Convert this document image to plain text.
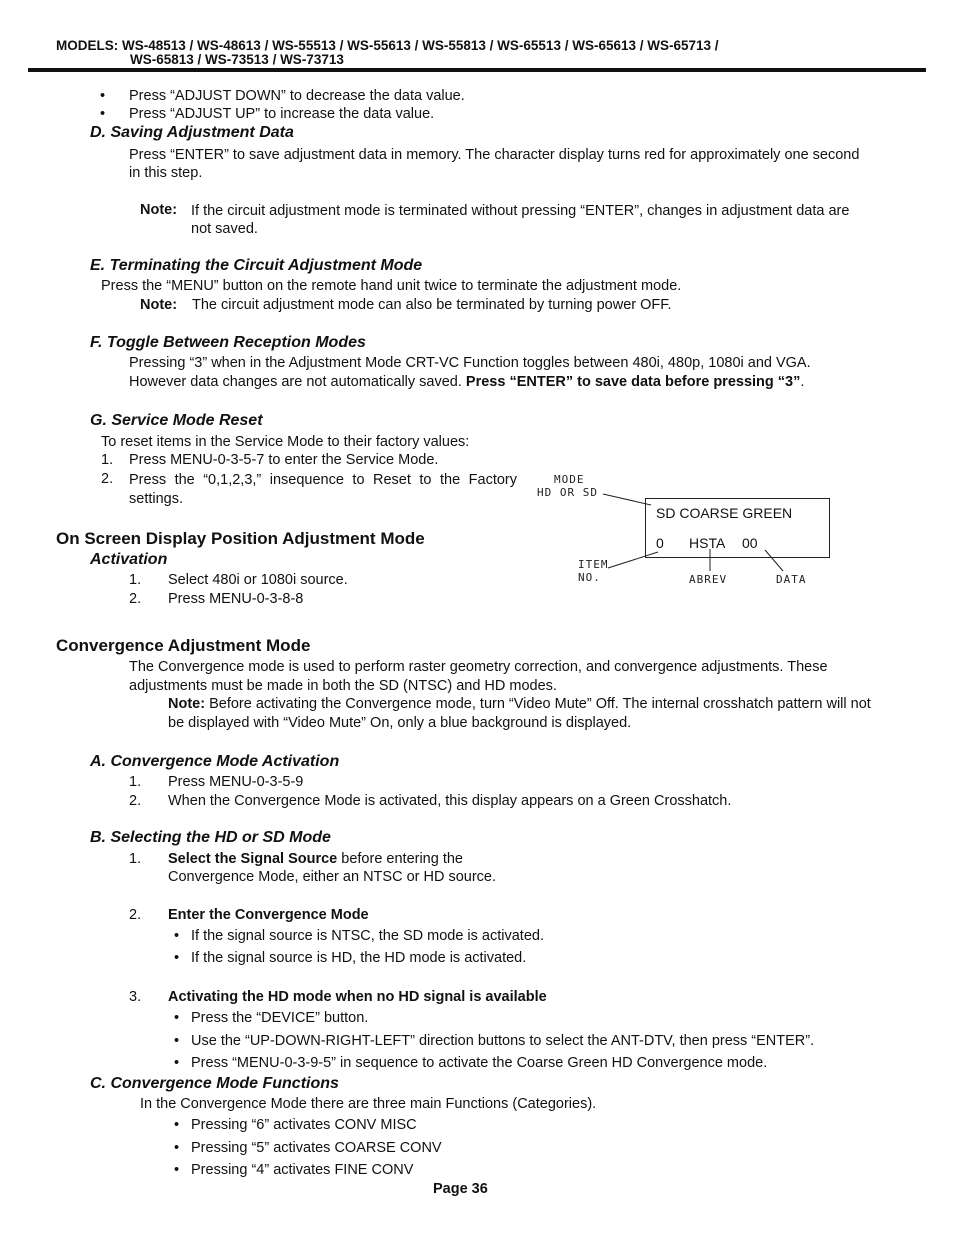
MODELS: WS-48513 / WS-48613 / WS-55513 / WS-55613 / WS-55813 / WS-65513 / WS-65613 / WS-65713 /
WS-65813 / WS-73513 / WS-73713
• Press “ADJUST DOWN” to decrease the data value.
• Press “ADJUST UP” to increase the data value.
D. Saving Adjustment Data
Press “ENTER” to save adjustment data in memory. The character display turns red for approximately one second in this step.
Note: If the circuit adjustment mode is terminated without pressing “ENTER”, changes in adjustment data are not saved.
E. Terminating the Circuit Adjustment Mode
Press the “MENU” button on the remote hand unit twice to terminate the adjustment mode.
Note: The circuit adjustment mode can also be terminated by turning power OFF.
F. Toggle Between Reception Modes
Pressing “3” when in the Adjustment Mode CRT-VC Function toggles between 480i, 480p, 1080i and VGA.
However data changes are not automatically saved. Press “ENTER” to save data before pressing “3”.
G. Service Mode Reset
To reset items in the Service Mode to their factory values:
1. Press MENU-0-3-5-7 to enter the Service Mode.
2. Press the “0,1,2,3,” insequence to Reset to the Factory settings.
On Screen Display Position Adjustment Mode
Activation
1. Select 480i or 1080i source.
2. Press MENU-0-3-8-8
MODE
HD OR SD
SD COARSE GREEN
0 HSTA 00
ITEM
NO.	ABREV	DATA
Convergence Adjustment Mode
The Convergence mode is used to perform raster geometry correction, and convergence adjustments. These adjustments must be made in both the SD (NTSC) and HD modes.
Note: Before activating the Convergence mode, turn “Video Mute” Off. The internal crosshatch pattern will not be displayed with “Video Mute” On, only a blue background is displayed.
A. Convergence Mode Activation
1. Press MENU-0-3-5-9
2. When the Convergence Mode is activated, this display appears on a Green Crosshatch.
B. Selecting the HD or SD Mode
1. Select the Signal Source before entering the
Convergence Mode, either an NTSC or HD source.
2. Enter the Convergence Mode
• If the signal source is NTSC, the SD mode is activated.
• If the signal source is HD, the HD mode is activated.
3. Activating the HD mode when no HD signal is available
• Press the “DEVICE” button.
• Use the “UP-DOWN-RIGHT-LEFT” direction buttons to select the ANT-DTV, then press “ENTER”.
• Press “MENU-0-3-9-5” in sequence to activate the Coarse Green HD Convergence mode.
C. Convergence Mode Functions
In the Convergence Mode there are three main Functions (Categories).
• Pressing “6” activates CONV MISC
• Pressing “5” activates COARSE CONV
• Pressing “4” activates FINE CONV
Page 36
